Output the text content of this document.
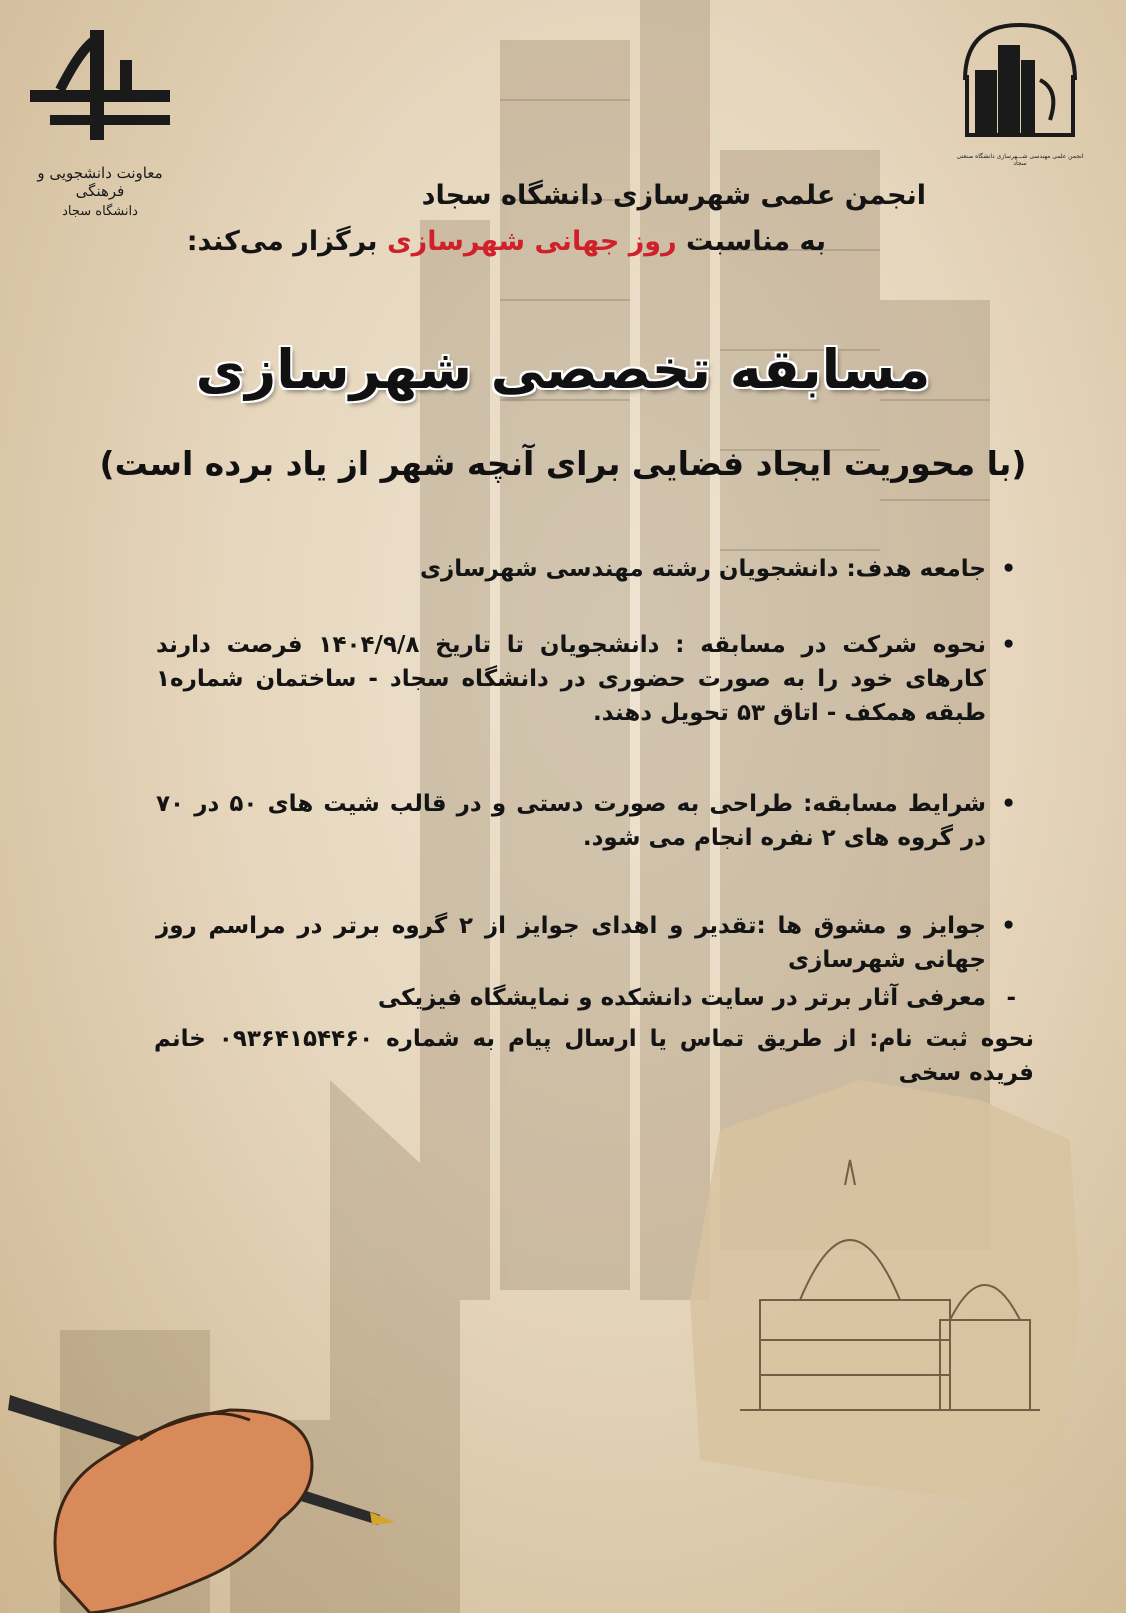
معاونت دانشجویی و فرهنگی
دانشگاه سجاد
انجمن علمی مهندسی شـــهرسازی دانشگاه صنعتی سجاد
انجمن علمی شهرسازی دانشگاه سجاد
به مناسبت روز جهانی شهرسازی برگزار می‌کند:
مسابقه تخصصی شهرسازی
(با محوریت ایجاد فضایی برای آنچه شهر از یاد برده است)
•
جامعه هدف: دانشجویان رشته مهندسی شهرسازی
•
نحوه شرکت در مسابقه : دانشجویان تا تاریخ ۱۴۰۴/۹/۸ فرصت دارند کارهای خود را به صورت حضوری در دانشگاه سجاد - ساختمان شماره۱ طبقه همکف - اتاق ۵۳ تحویل دهند.
•
شرایط مسابقه: طراحی به صورت دستی و در قالب شیت های ۵۰ در ۷۰ در گروه های ۲ نفره انجام می شود.
•
جوایز و مشوق ها :تقدیر و اهدای جوایز از ۲ گروه برتر در مراسم روز جهانی شهرسازی
-
معرفی آثار برتر در سایت دانشکده و نمایشگاه فیزیکی
نحوه ثبت نام: از طریق تماس یا ارسال پیام به شماره ۰۹۳۶۴۱۵۴۴۶۰ خانم فریده سخی
